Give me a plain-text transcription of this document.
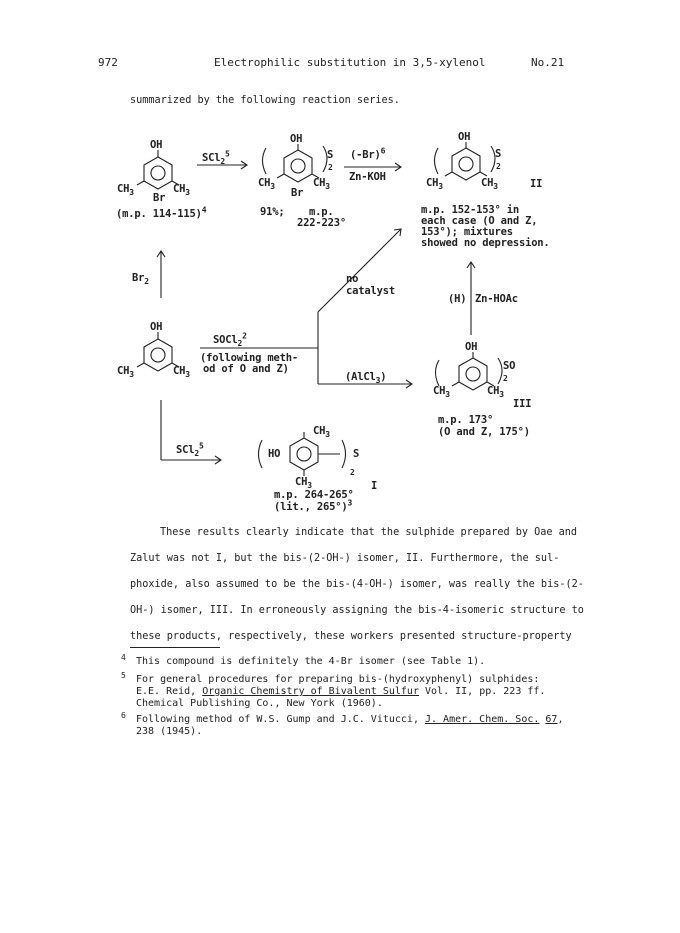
972	Electrophilic substitution in 3,5-xylenol	No.21
summarized by the following reaction series.
OH
$CH_3$	$CH_3$
Br
(m.p. 114-115)$^4$
SCl$_2^5$
OH
S
2
$CH_3$	$CH_3$
Br
91%; m.p.
222-223°
$(-Br)^6$
Zn-KOH
OH
S
2
$CH_3$	$CH_3$	II
m.p. 152-153° in
each case (O and Z,
153°); mixtures
showed no depression.
$Br_2$	no
catalyst
(H) Zn-HOAc
OH
$CH_3$	$CH_3$
SOCl$_2^2$
(following meth-
od of O and Z)
(AlCl$_3$)
OH
SO
2
$CH_3$	$CH_3$
III
m.p. 173°
(O and Z, 175°)
SCl$_2^5$
$CH_3$
HO	S
2
$CH_3$	I
m.p. 264-265°
(lit., 265°)$^3$
These results clearly indicate that the sulphide prepared by Oae and
Zalut was not I, but the bis-(2-OH-) isomer, II. Furthermore, the sul-
phoxide, also assumed to be the bis-(4-OH-) isomer, was really the bis-(2-
OH-) isomer, III. In erroneously assigning the bis-4-isomeric structure to
these products, respectively, these workers presented structure-property
4 This compound is definitely the 4-Br isomer (see Table 1).
5 For general procedures for preparing bis-(hydroxyphenyl) sulphides:
E.E. Reid, Organic Chemistry of Bivalent Sulfur Vol. II, pp. 223 ff.
Chemical Publishing Co., New York (1960).
6 Following method of W.S. Gump and J.C. Vitucci, J. Amer. Chem. Soc. 67,
238 (1945).
